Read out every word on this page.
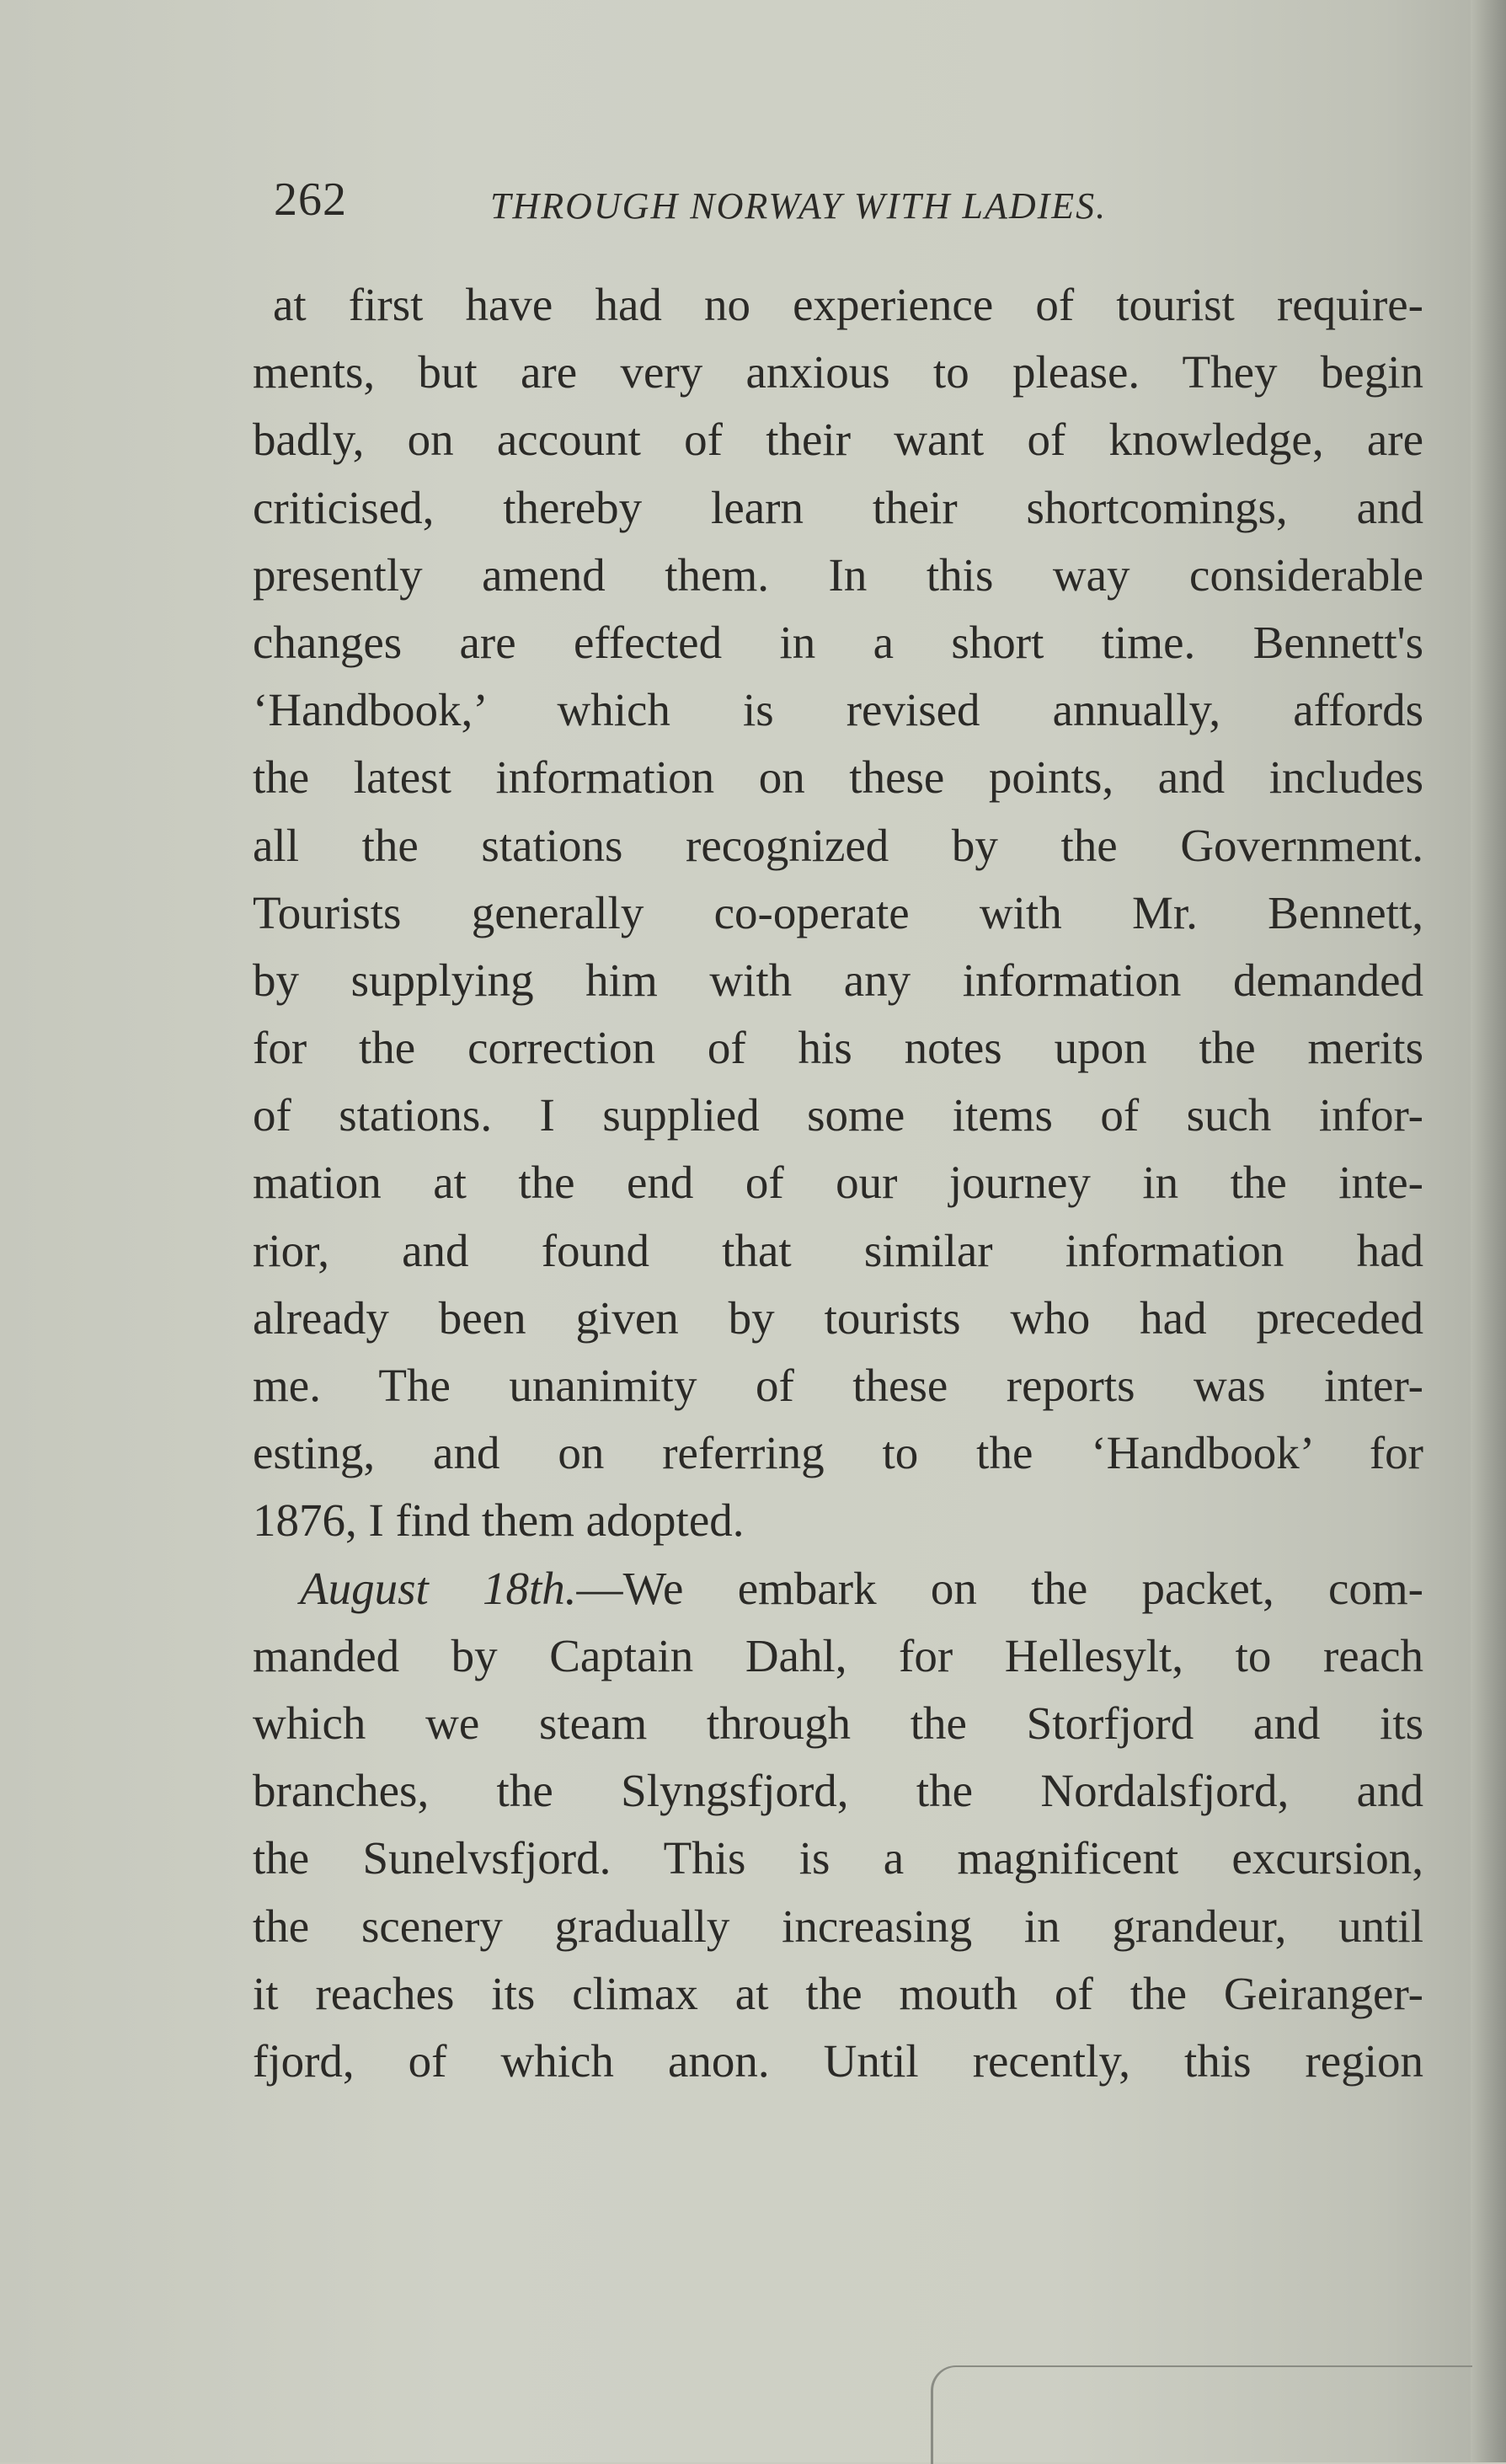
262	THROUGH NORWAY WITH LADIES.
at first have had no experience of tourist require-
ments, but are very anxious to please. They begin
badly, on account of their want of knowledge, are
criticised, thereby learn their shortcomings, and
presently amend them. In this way considerable
changes are effected in a short time. Bennett's
‘Handbook,’ which is revised annually, affords
the latest information on these points, and includes
all the stations recognized by the Government.
Tourists generally co-operate with Mr. Bennett,
by supplying him with any information demanded
for the correction of his notes upon the merits
of stations. I supplied some items of such infor-
mation at the end of our journey in the inte-
rior, and found that similar information had
already been given by tourists who had preceded
me. The unanimity of these reports was inter-
esting, and on referring to the ‘Handbook’ for
1876, I find them adopted.
August 18th.—We embark on the packet, com-
manded by Captain Dahl, for Hellesylt, to reach
which we steam through the Storfjord and its
branches, the Slyngsfjord, the Nordalsfjord, and
the Sunelvsfjord. This is a magnificent excursion,
the scenery gradually increasing in grandeur, until
it reaches its climax at the mouth of the Geiranger-
fjord, of which anon. Until recently, this region
